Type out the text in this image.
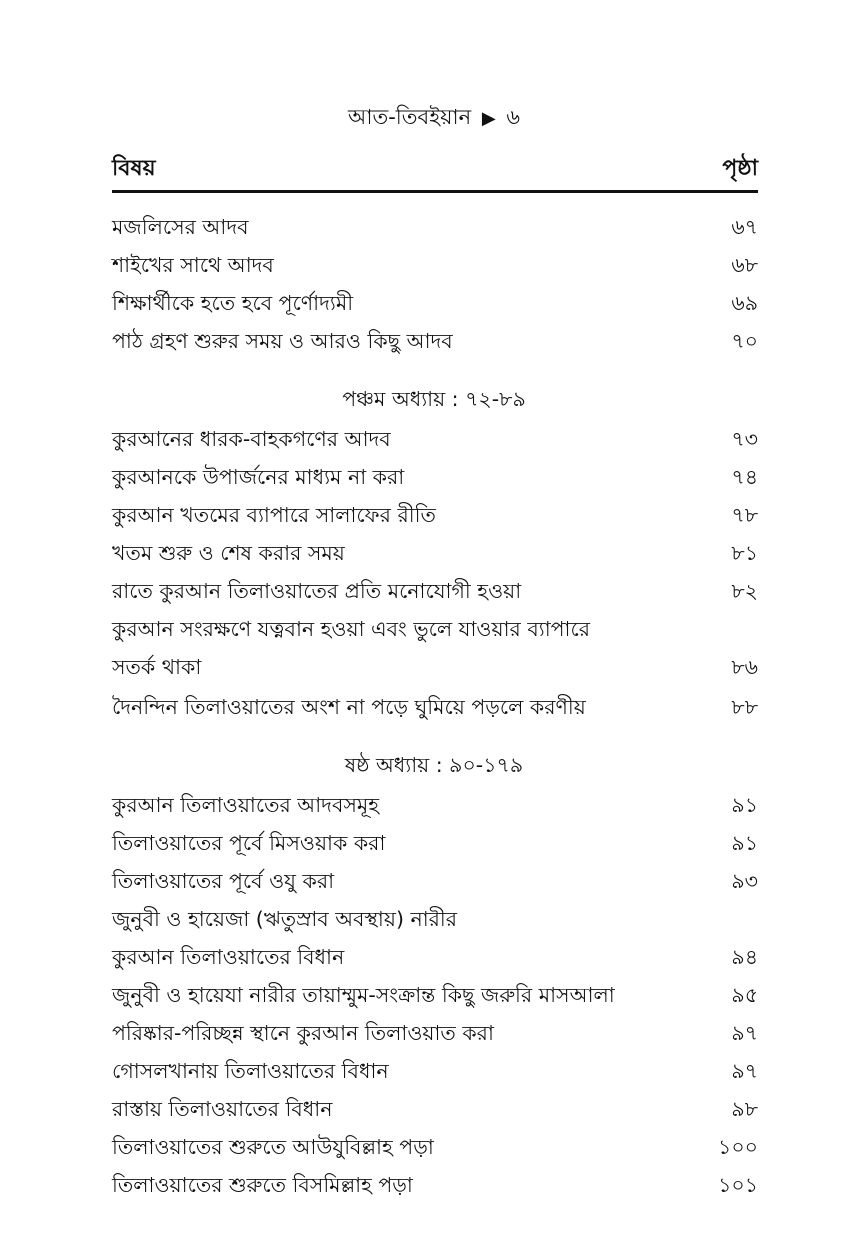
আত-তিবইয়ান ▶ ৬
বিষয়	পৃষ্ঠা
মজলিসের আদব	৬৭
শাইখের সাথে আদব	৬৮
শিক্ষার্থীকে হতে হবে পূর্ণোদ্যমী	৬৯
পাঠ গ্রহণ শুরুর সময় ও আরও কিছু আদব	৭০
পঞ্চম অধ্যায় : ৭২-৮৯
কুরআনের ধারক-বাহকগণের আদব	৭৩
কুরআনকে উপার্জনের মাধ্যম না করা	৭৪
কুরআন খতমের ব্যাপারে সালাফের রীতি	৭৮
খতম শুরু ও শেষ করার সময়	৮১
রাতে কুরআন তিলাওয়াতের প্রতি মনোযোগী হওয়া	৮২
কুরআন সংরক্ষণে যত্নবান হওয়া এবং ভুলে যাওয়ার ব্যাপারে
সতর্ক থাকা	৮৬
দৈনন্দিন তিলাওয়াতের অংশ না পড়ে ঘুমিয়ে পড়লে করণীয়	৮৮
ষষ্ঠ অধ্যায় : ৯০-১৭৯
কুরআন তিলাওয়াতের আদবসমূহ	৯১
তিলাওয়াতের পূর্বে মিসওয়াক করা	৯১
তিলাওয়াতের পূর্বে ওযু করা	৯৩
জুনুবী ও হায়েজা (ঋতুস্রাব অবস্থায়) নারীর
কুরআন তিলাওয়াতের বিধান	৯৪
জুনুবী ও হায়েযা নারীর তায়াম্মুম-সংক্রান্ত কিছু জরুরি মাসআলা	৯৫
পরিষ্কার-পরিচ্ছন্ন স্থানে কুরআন তিলাওয়াত করা	৯৭
গোসলখানায় তিলাওয়াতের বিধান	৯৭
রাস্তায় তিলাওয়াতের বিধান	৯৮
তিলাওয়াতের শুরুতে আউযুবিল্লাহ পড়া	১০০
তিলাওয়াতের শুরুতে বিসমিল্লাহ পড়া	১০১
